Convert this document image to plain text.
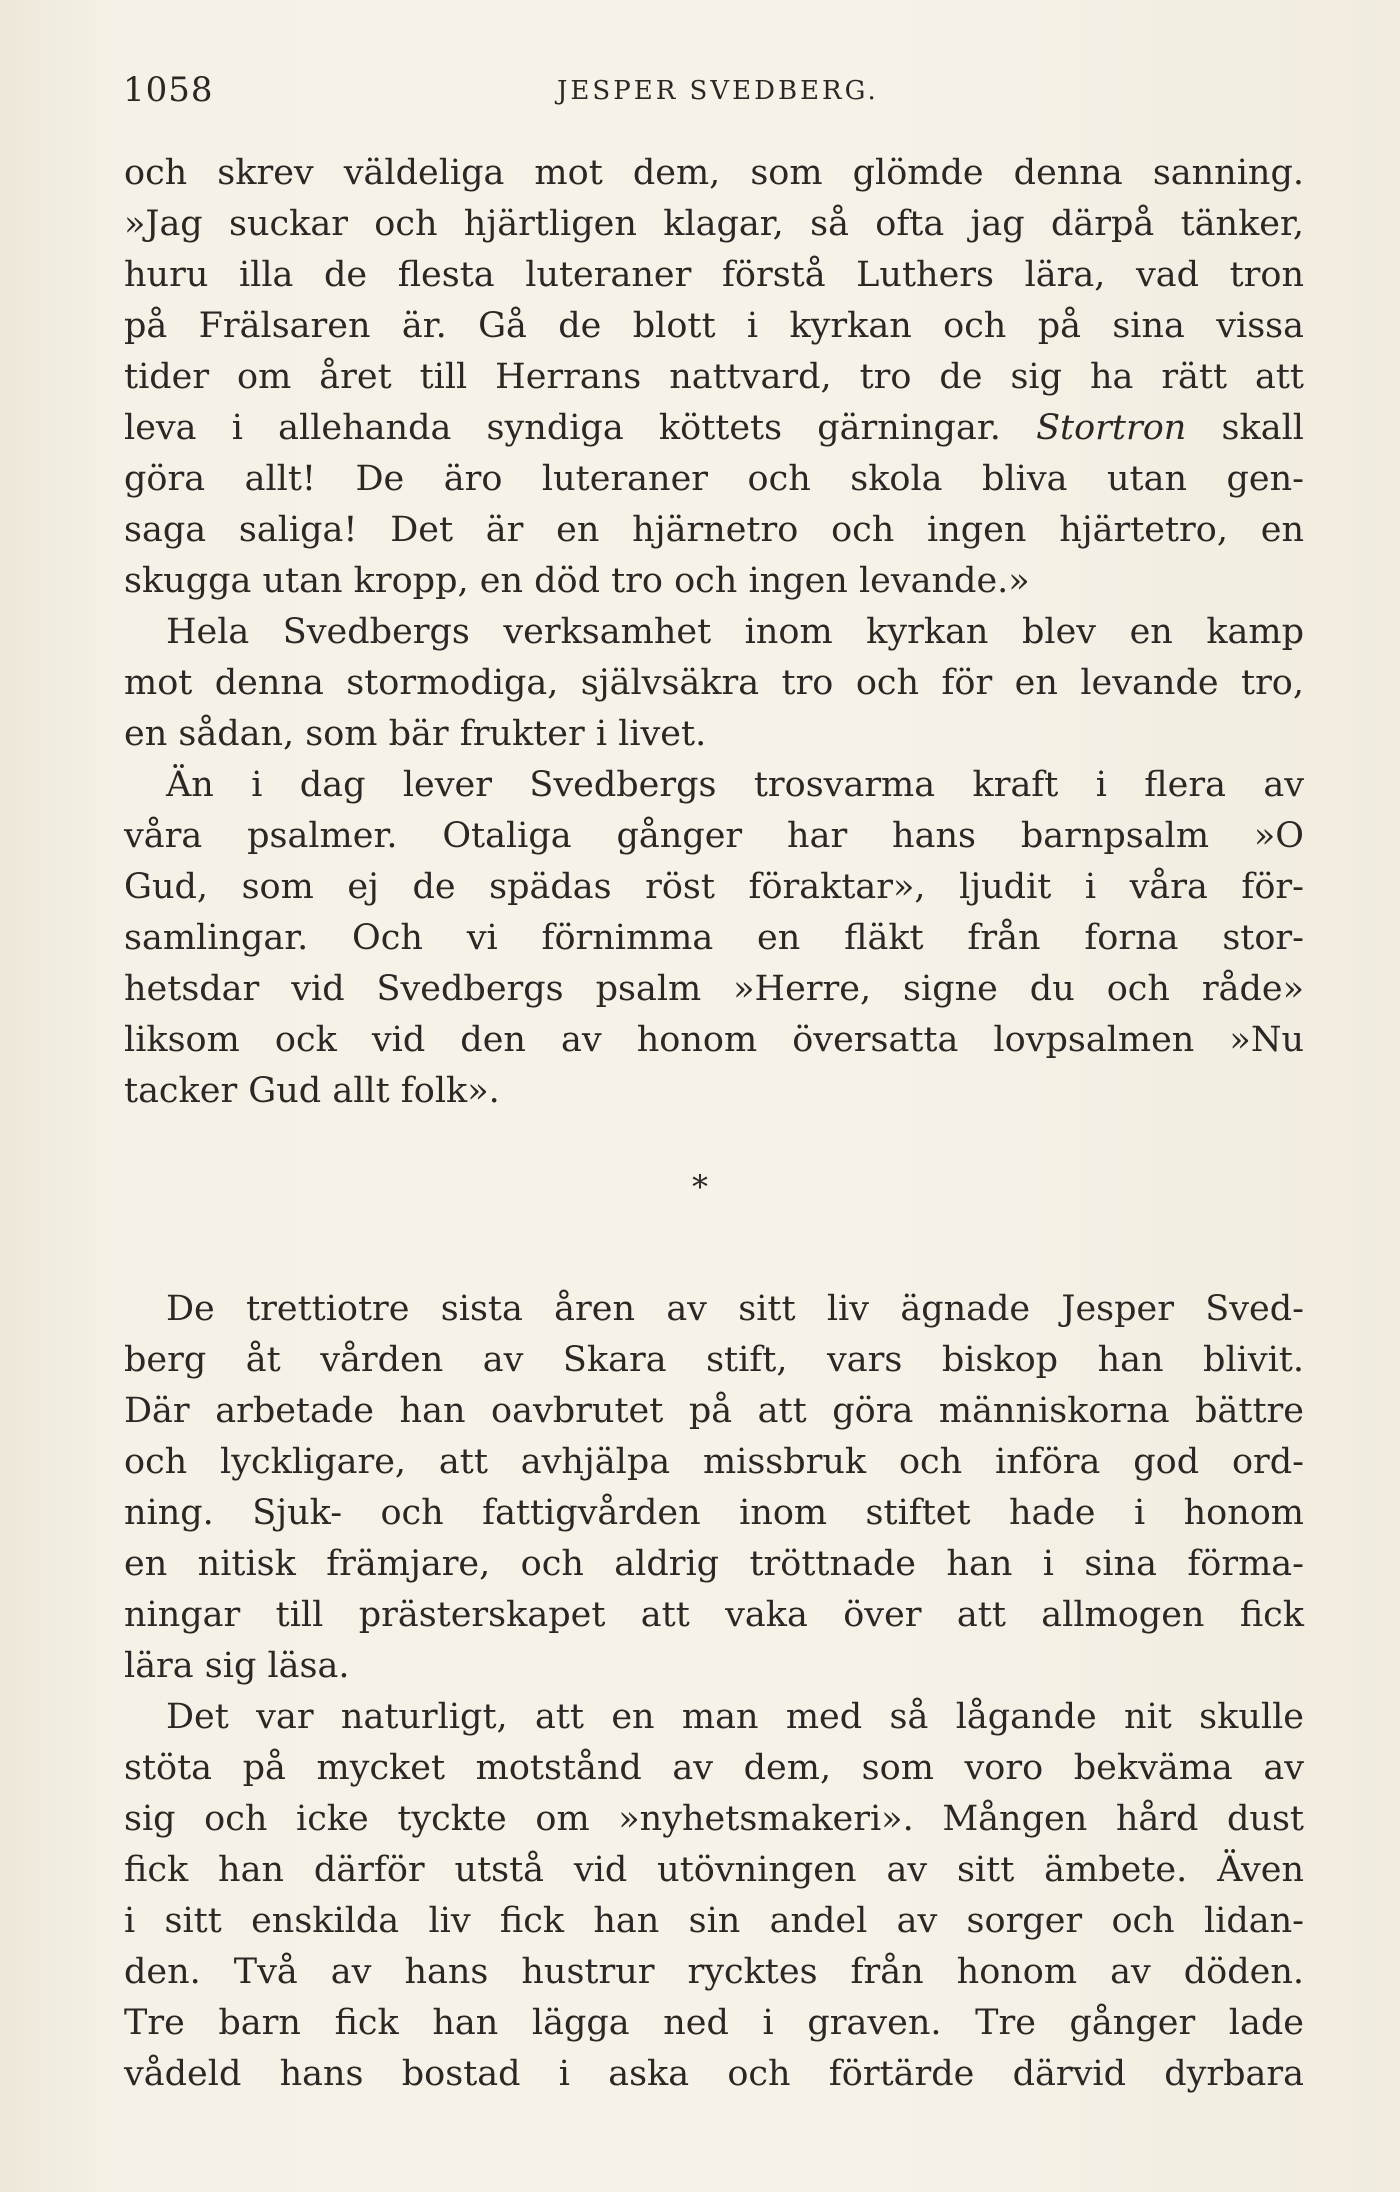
1058	JESPER SVEDBERG.
och skrev väldeliga mot dem, som glömde denna sanning.
»Jag suckar och hjärtligen klagar, så ofta jag därpå tänker,
huru illa de flesta luteraner förstå Luthers lära, vad tron
på Frälsaren är. Gå de blott i kyrkan och på sina vissa
tider om året till Herrans nattvard, tro de sig ha rätt att
leva i allehanda syndiga köttets gärningar. Stortron skall
göra allt! De äro luteraner och skola bliva utan gen-
saga saliga! Det är en hjärnetro och ingen hjärtetro, en
skugga utan kropp, en död tro och ingen levande.»
Hela Svedbergs verksamhet inom kyrkan blev en kamp
mot denna stormodiga, självsäkra tro och för en levande tro,
en sådan, som bär frukter i livet.
Än i dag lever Svedbergs trosvarma kraft i flera av
våra psalmer. Otaliga gånger har hans barnpsalm »O
Gud, som ej de spädas röst föraktar», ljudit i våra för-
samlingar. Och vi förnimma en fläkt från forna stor-
hetsdar vid Svedbergs psalm »Herre, signe du och råde»
liksom ock vid den av honom översatta lovpsalmen »Nu
tacker Gud allt folk».
*
De trettiotre sista åren av sitt liv ägnade Jesper Sved-
berg åt vården av Skara stift, vars biskop han blivit.
Där arbetade han oavbrutet på att göra människorna bättre
och lyckligare, att avhjälpa missbruk och införa god ord-
ning. Sjuk- och fattigvården inom stiftet hade i honom
en nitisk främjare, och aldrig tröttnade han i sina förma-
ningar till prästerskapet att vaka över att allmogen fick
lära sig läsa.
Det var naturligt, att en man med så lågande nit skulle
stöta på mycket motstånd av dem, som voro bekväma av
sig och icke tyckte om »nyhetsmakeri». Mången hård dust
fick han därför utstå vid utövningen av sitt ämbete. Även
i sitt enskilda liv fick han sin andel av sorger och lidan-
den. Två av hans hustrur rycktes från honom av döden.
Tre barn fick han lägga ned i graven. Tre gånger lade
vådeld hans bostad i aska och förtärde därvid dyrbara
